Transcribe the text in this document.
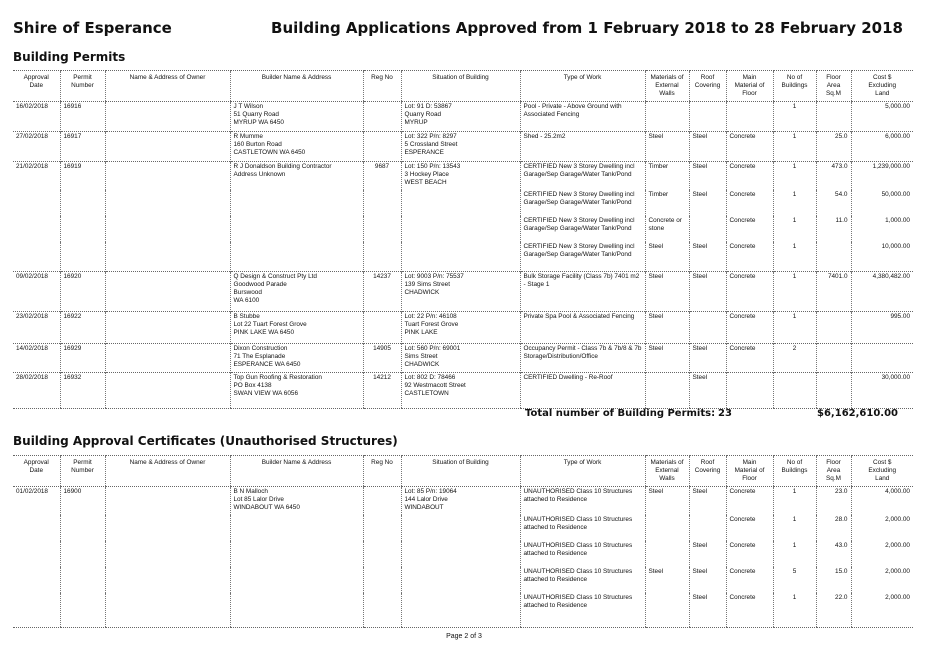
Shire of Esperance	Building Applications Approved from 1 February 2018 to 28 February 2018
Building Permits
Approval
Date	Permit
Number	Name & Address of Owner	Builder Name & Address	Reg No	Situation of Building	Type of Work	Materials of
External
Walls	Roof
Covering	Main
Material of
Floor	No of
Buildings	Floor
Area
Sq.M	Cost $
Excluding
Land
16/02/2018	16916		J T Wilson
51 Quarry Road
MYRUP WA 6450		Lot: 91 D: 53867
Quarry Road
MYRUP	Pool - Private - Above Ground with Associated Fencing				1		5,000.00
27/02/2018	16917		R Mumme
160 Burton Road
CASTLETOWN WA 6450		Lot: 322 P/n: 8297
5 Crossland Street
ESPERANCE	Shed - 25.2m2	Steel	Steel	Concrete	1	25.0	6,000.00
21/02/2018	16919		R J Donaldson Building Contractor
Address Unknown	9687	Lot: 150 P/n: 13543
3 Hockey Place
WEST BEACH	CERTIFIED New 3 Storey Dwelling incl Garage/Sep Garage/Water Tank/Pond	Timber	Steel	Concrete	1	473.0	1,239,000.00
						CERTIFIED New 3 Storey Dwelling incl Garage/Sep Garage/Water Tank/Pond	Timber	Steel	Concrete	1	54.0	50,000.00
						CERTIFIED New 3 Storey Dwelling incl Garage/Sep Garage/Water Tank/Pond	Concrete or stone		Concrete	1	11.0	1,000.00
						CERTIFIED New 3 Storey Dwelling incl Garage/Sep Garage/Water Tank/Pond	Steel	Steel	Concrete	1		10,000.00
09/02/2018	16920		Q Design & Construct Pty Ltd
Goodwood Parade
Burswood
WA 6100	14237	Lot: 9003 P/n: 75537
139 Sims Street
CHADWICK	Bulk Storage Facility (Class 7b) 7401 m2 - Stage 1	Steel	Steel	Concrete	1	7401.0	4,380,482.00
23/02/2018	16922		B Stubbe
Lot 22 Tuart Forest Grove
PINK LAKE WA 6450		Lot: 22 P/n: 46108
Tuart Forest Grove
PINK LAKE	Private Spa Pool & Associated Fencing	Steel		Concrete	1		995.00
14/02/2018	16929		Dixon Construction
71 The Esplanade
ESPERANCE WA 6450	14905	Lot: 560 P/n: 69001
Sims Street
CHADWICK	Occupancy Permit - Class 7b & 7b/8 & 7b Storage/Distribution/Office	Steel	Steel	Concrete	2		
28/02/2018	16932		Top Gun Roofing & Restoration
PO Box 4138
SWAN VIEW WA 6056	14212	Lot: 802 D: 78466
92 Westmacott Street
CASTLETOWN	CERTIFIED Dwelling - Re-Roof		Steel				30,000.00
Total number of Building Permits: 23	$6,162,610.00
Building Approval Certificates (Unauthorised Structures)
Approval
Date	Permit
Number	Name & Address of Owner	Builder Name & Address	Reg No	Situation of Building	Type of Work	Materials of
External
Walls	Roof
Covering	Main
Material of
Floor	No of
Buildings	Floor
Area
Sq.M	Cost $
Excluding
Land
01/02/2018	16900		B N Malloch
Lot 85 Lalor Drive
WINDABOUT WA 6450		Lot: 85 P/n: 19064
144 Lalor Drive
WINDABOUT	UNAUTHORISED Class 10 Structures attached to Residence	Steel	Steel	Concrete	1	23.0	4,000.00
						UNAUTHORISED Class 10 Structures attached to Residence			Concrete	1	28.0	2,000.00
						UNAUTHORISED Class 10 Structures attached to Residence		Steel	Concrete	1	43.0	2,000.00
						UNAUTHORISED Class 10 Structures attached to Residence	Steel	Steel	Concrete	5	15.0	2,000.00
						UNAUTHORISED Class 10 Structures attached to Residence		Steel	Concrete	1	22.0	2,000.00
Page 2 of 3
